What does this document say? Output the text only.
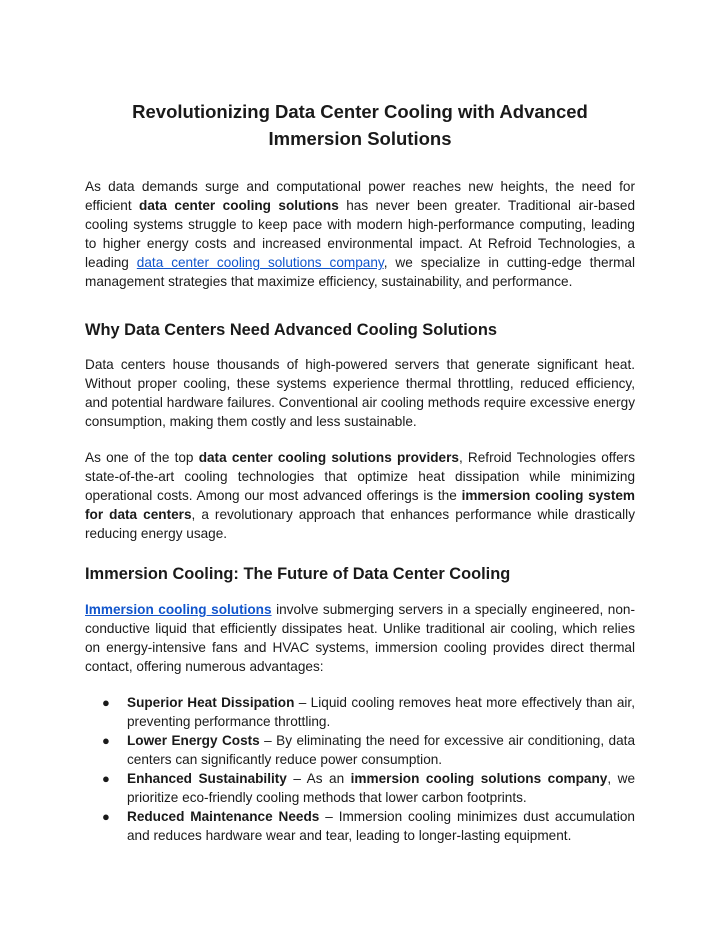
Revolutionizing Data Center Cooling with Advanced Immersion Solutions

As data demands surge and computational power reaches new heights, the need for efficient data center cooling solutions has never been greater. Traditional air-based cooling systems struggle to keep pace with modern high-performance computing, leading to higher energy costs and increased environmental impact. At Refroid Technologies, a leading data center cooling solutions company, we specialize in cutting-edge thermal management strategies that maximize efficiency, sustainability, and performance.

Why Data Centers Need Advanced Cooling Solutions

Data centers house thousands of high-powered servers that generate significant heat. Without proper cooling, these systems experience thermal throttling, reduced efficiency, and potential hardware failures. Conventional air cooling methods require excessive energy consumption, making them costly and less sustainable.

As one of the top data center cooling solutions providers, Refroid Technologies offers state-of-the-art cooling technologies that optimize heat dissipation while minimizing operational costs. Among our most advanced offerings is the immersion cooling system for data centers, a revolutionary approach that enhances performance while drastically reducing energy usage.

Immersion Cooling: The Future of Data Center Cooling

Immersion cooling solutions involve submerging servers in a specially engineered, non-conductive liquid that efficiently dissipates heat. Unlike traditional air cooling, which relies on energy-intensive fans and HVAC systems, immersion cooling provides direct thermal contact, offering numerous advantages:

● Superior Heat Dissipation – Liquid cooling removes heat more effectively than air, preventing performance throttling.
● Lower Energy Costs – By eliminating the need for excessive air conditioning, data centers can significantly reduce power consumption.
● Enhanced Sustainability – As an immersion cooling solutions company, we prioritize eco-friendly cooling methods that lower carbon footprints.
● Reduced Maintenance Needs – Immersion cooling minimizes dust accumulation and reduces hardware wear and tear, leading to longer-lasting equipment.
